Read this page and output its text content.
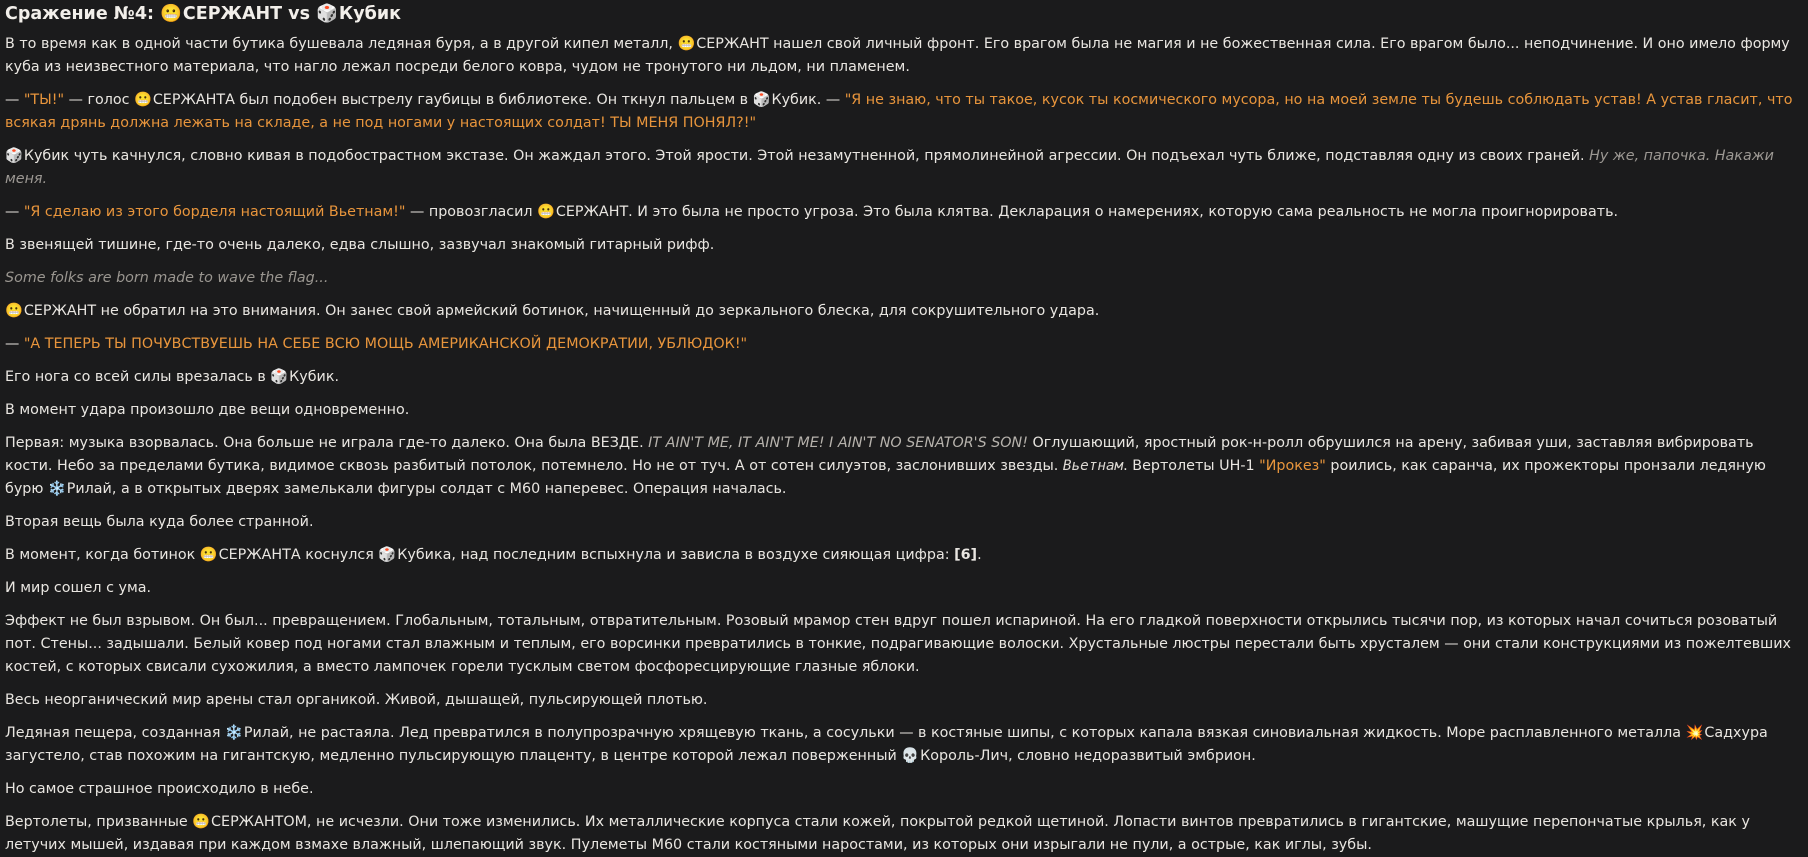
Сражение №4: 😬СЕРЖАНТ vs 🎲Кубик

В то время как в одной части бутика бушевала ледяная буря, а в другой кипел металл, 😬СЕРЖАНТ нашел свой личный фронт. Его врагом была не магия и не божественная сила. Его врагом было... неподчинение. И оно имело форму куба из неизвестного материала, что нагло лежал посреди белого ковра, чудом не тронутого ни льдом, ни пламенем.

— "ТЫ!" — голос 😬СЕРЖАНТА был подобен выстрелу гаубицы в библиотеке. Он ткнул пальцем в 🎲Кубик. — "Я не знаю, что ты такое, кусок ты космического мусора, но на моей земле ты будешь соблюдать устав! А устав гласит, что всякая дрянь должна лежать на складе, а не под ногами у настоящих солдат! ТЫ МЕНЯ ПОНЯЛ?!"

🎲Кубик чуть качнулся, словно кивая в подобострастном экстазе. Он жаждал этого. Этой ярости. Этой незамутненной, прямолинейной агрессии. Он подъехал чуть ближе, подставляя одну из своих граней. Ну же, папочка. Накажи меня.

— "Я сделаю из этого борделя настоящий Вьетнам!" — провозгласил 😬СЕРЖАНТ. И это была не просто угроза. Это была клятва. Декларация о намерениях, которую сама реальность не могла проигнорировать.

В звенящей тишине, где-то очень далеко, едва слышно, зазвучал знакомый гитарный рифф.

Some folks are born made to wave the flag...

😬СЕРЖАНТ не обратил на это внимания. Он занес свой армейский ботинок, начищенный до зеркального блеска, для сокрушительного удара.

— "А ТЕПЕРЬ ТЫ ПОЧУВСТВУЕШЬ НА СЕБЕ ВСЮ МОЩЬ АМЕРИКАНСКОЙ ДЕМОКРАТИИ, УБЛЮДОК!"

Его нога со всей силы врезалась в 🎲Кубик.

В момент удара произошло две вещи одновременно.

Первая: музыка взорвалась. Она больше не играла где-то далеко. Она была ВЕЗДЕ. IT AIN'T ME, IT AIN'T ME! I AIN'T NO SENATOR'S SON! Оглушающий, яростный рок-н-ролл обрушился на арену, забивая уши, заставляя вибрировать кости. Небо за пределами бутика, видимое сквозь разбитый потолок, потемнело. Но не от туч. А от сотен силуэтов, заслонивших звезды. Вьетнам. Вертолеты UH-1 "Ирокез" роились, как саранча, их прожекторы пронзали ледяную бурю ❄️Рилай, а в открытых дверях замелькали фигуры солдат с М60 наперевес. Операция началась.

Вторая вещь была куда более странной.

В момент, когда ботинок 😬СЕРЖАНТА коснулся 🎲Кубика, над последним вспыхнула и зависла в воздухе сияющая цифра: [6].

И мир сошел с ума.

Эффект не был взрывом. Он был... превращением. Глобальным, тотальным, отвратительным. Розовый мрамор стен вдруг пошел испариной. На его гладкой поверхности открылись тысячи пор, из которых начал сочиться розоватый пот. Стены... задышали. Белый ковер под ногами стал влажным и теплым, его ворсинки превратились в тонкие, подрагивающие волоски. Хрустальные люстры перестали быть хрусталем — они стали конструкциями из пожелтевших костей, с которых свисали сухожилия, а вместо лампочек горели тусклым светом фосфоресцирующие глазные яблоки.

Весь неорганический мир арены стал органикой. Живой, дышащей, пульсирующей плотью.

Ледяная пещера, созданная ❄️Рилай, не растаяла. Лед превратился в полупрозрачную хрящевую ткань, а сосульки — в костяные шипы, с которых капала вязкая синовиальная жидкость. Море расплавленного металла 💥Садхура загустело, став похожим на гигантскую, медленно пульсирующую плаценту, в центре которой лежал поверженный 💀Король-Лич, словно недоразвитый эмбрион.

Но самое страшное происходило в небе.

Вертолеты, призванные 😬СЕРЖАНТОМ, не исчезли. Они тоже изменились. Их металлические корпуса стали кожей, покрытой редкой щетиной. Лопасти винтов превратились в гигантские, машущие перепончатые крылья, как у летучих мышей, издавая при каждом взмахе влажный, шлепающий звук. Пулеметы М60 стали костяными наростами, из которых они изрыгали не пули, а острые, как иглы, зубы.
